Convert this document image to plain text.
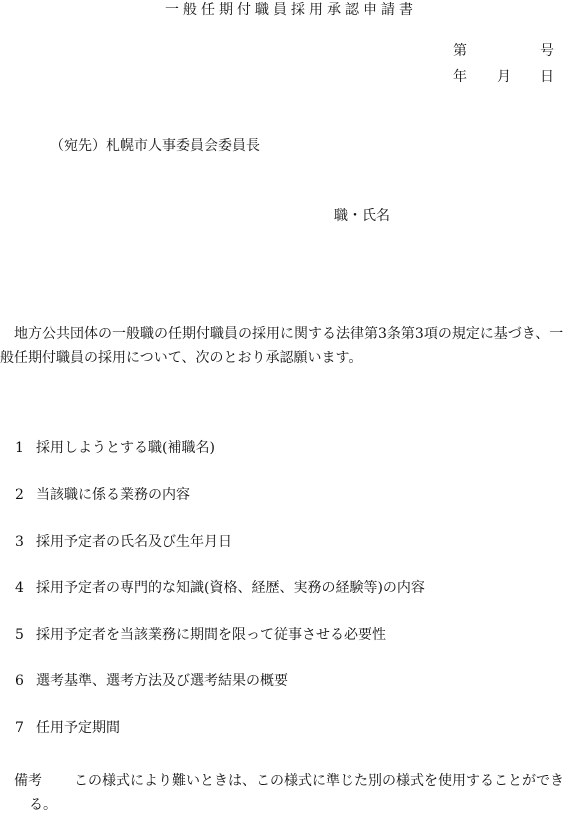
一般任期付職員採用承認申請書
第	号
年 月 日
（宛先）札幌市人事委員会委員長
職・氏名
地方公共団体の一般職の任期付職員の採用に関する法律第3条第3項の規定に基づき、一
般任期付職員の採用について、次のとおり承認願います。
1 採用しようとする職(補職名)
2 当該職に係る業務の内容
3 採用予定者の氏名及び生年月日
4 採用予定者の専門的な知識(資格、経歴、実務の経験等)の内容
5 採用予定者を当該業務に期間を限って従事させる必要性
6 選考基準、選考方法及び選考結果の概要
7 任用予定期間
備考 この様式により難いときは、この様式に準じた別の様式を使用することができ
る。
